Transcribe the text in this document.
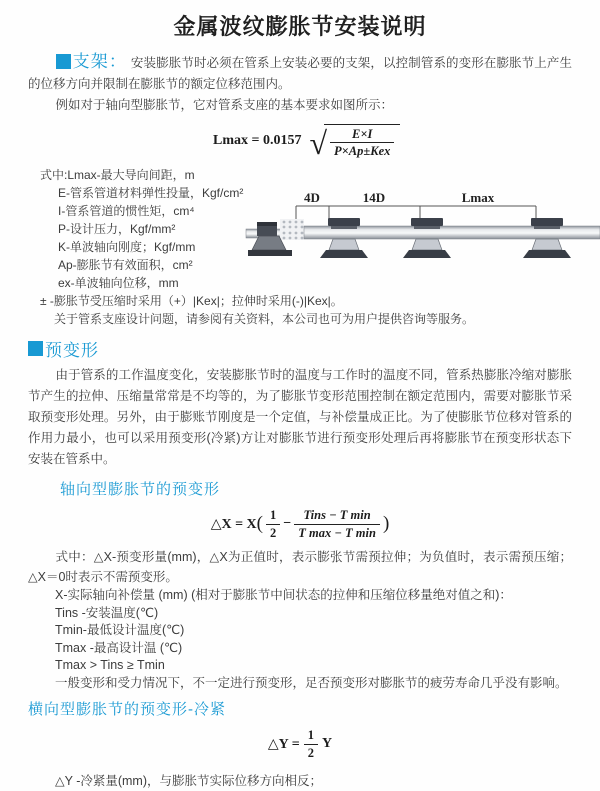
金属波纹膨胀节安装说明

支架： 安装膨胀节时必须在管系上安装必要的支架，以控制管系的变形在膨胀节上产生的位移方向并限制在膨胀节的额定位移范围内。

例如对于轴向型膨胀节，它对管系支座的基本要求如图所示：

Lmax = 0.0157 √ $\frac{E\times I}{\text{P×Ap±Kex}}$
式中:Lmax-最大导向间距，m
E-管系管道材料弹性投量，Kgf/cm²
I-管系管道的惯性矩，cm⁴
P-设计压力，Kgf/mm²
K-单波轴向刚度；Kgf/mm
Ap-膨胀节有效面积，cm²
ex-单波轴向位移，mm
± -膨胀节受压缩时采用（+）|Kex|；拉伸时采用(-)|Kex|。
关于管系支座设计问题，请参阅有关资料，本公司也可为用户提供咨询等服务。
4D	14D	Lmax
预变形

由于管系的工作温度变化，安装膨胀节时的温度与工作时的温度不同，管系热膨胀冷缩对膨胀节产生的拉伸、压缩量常常是不均等的，为了膨胀节变形范围控制在额定范围内，需要对膨胀节采取预变形处理。另外，由于膨账节刚度是一个定值，与补偿量成正比。为了使膨胀节位移对管系的作用力最小，也可以采用预变形(冷紧)方让对膨胀节进行预变形处理后再将膨胀节在预变形状态下安装在管系中。

轴向型膨胀节的预变形
△X = X ( $\frac{1}{2} - \frac{\text{Tins − T min}}{\text{T max − T min}}$ )

式中：△X-预变形量(mm)，△X为正值时，表示膨张节需预拉伸；为负值时，表示需预压缩；△X＝0时表示不需预变形。

X-实际轴向补偿量 (mm) (相对于膨胀节中间状态的拉伸和压缩位移量绝对值之和)：
Tins -安装温度(℃)
Tmin-最低设计温度(℃)
Tmax -最高设计温 (℃)
Tmax > Tins ≥ Tmin
一般变形和受力情况下，不一定进行预变形，足否预变形对膨胀节的疲劳寿命几乎没有影响。
横向型膨胀节的预变形-冷紧
△Y = $\frac{1}{2}$ Y

△Y -冷紧量(mm)，与膨胀节实际位移方向相反；
